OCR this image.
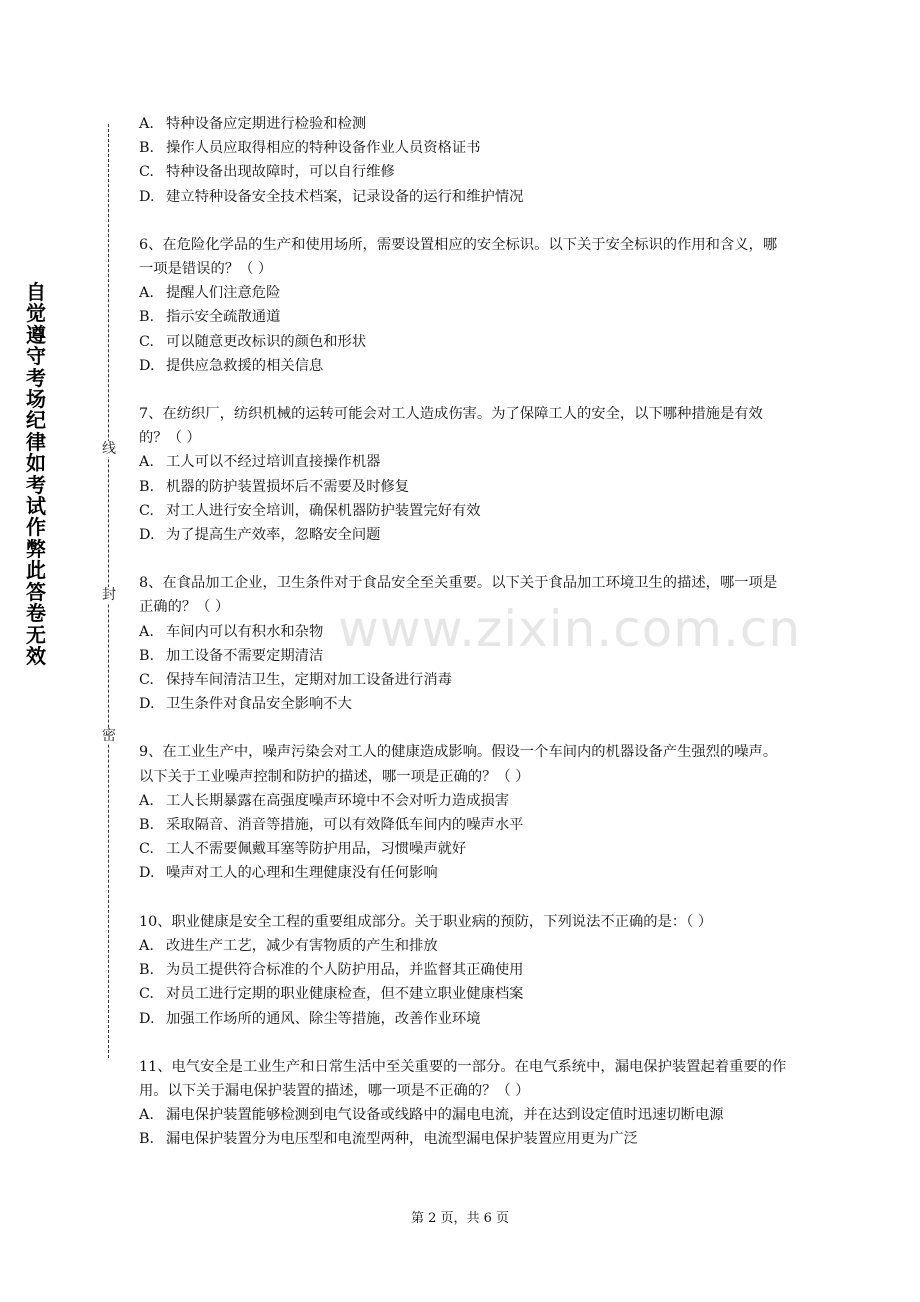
自
觉
遵
守
考
场
纪
律
如
考
试
作
弊
此
答
卷
无
效
线
封
密
www.zixin.com.cn
A. 特种设备应定期进行检验和检测
B. 操作人员应取得相应的特种设备作业人员资格证书
C. 特种设备出现故障时，可以自行维修
D. 建立特种设备安全技术档案，记录设备的运行和维护情况
6、在危险化学品的生产和使用场所，需要设置相应的安全标识。以下关于安全标识的作用和含义，哪一项是错误的？（ ）
A. 提醒人们注意危险
B. 指示安全疏散通道
C. 可以随意更改标识的颜色和形状
D. 提供应急救援的相关信息
7、在纺织厂，纺织机械的运转可能会对工人造成伤害。为了保障工人的安全，以下哪种措施是有效的？（ ）
A. 工人可以不经过培训直接操作机器
B. 机器的防护装置损坏后不需要及时修复
C. 对工人进行安全培训，确保机器防护装置完好有效
D. 为了提高生产效率，忽略安全问题
8、在食品加工企业，卫生条件对于食品安全至关重要。以下关于食品加工环境卫生的描述，哪一项是正确的？（ ）
A. 车间内可以有积水和杂物
B. 加工设备不需要定期清洁
C. 保持车间清洁卫生，定期对加工设备进行消毒
D. 卫生条件对食品安全影响不大
9、在工业生产中，噪声污染会对工人的健康造成影响。假设一个车间内的机器设备产生强烈的噪声。以下关于工业噪声控制和防护的描述，哪一项是正确的？（ ）
A. 工人长期暴露在高强度噪声环境中不会对听力造成损害
B. 采取隔音、消音等措施，可以有效降低车间内的噪声水平
C. 工人不需要佩戴耳塞等防护用品，习惯噪声就好
D. 噪声对工人的心理和生理健康没有任何影响
10、职业健康是安全工程的重要组成部分。关于职业病的预防，下列说法不正确的是：（ ）
A. 改进生产工艺，减少有害物质的产生和排放
B. 为员工提供符合标准的个人防护用品，并监督其正确使用
C. 对员工进行定期的职业健康检查，但不建立职业健康档案
D. 加强工作场所的通风、除尘等措施，改善作业环境
11、电气安全是工业生产和日常生活中至关重要的一部分。在电气系统中，漏电保护装置起着重要的作用。以下关于漏电保护装置的描述，哪一项是不正确的？（ ）
A. 漏电保护装置能够检测到电气设备或线路中的漏电电流，并在达到设定值时迅速切断电源
B. 漏电保护装置分为电压型和电流型两种，电流型漏电保护装置应用更为广泛
第 2 页，共 6 页
